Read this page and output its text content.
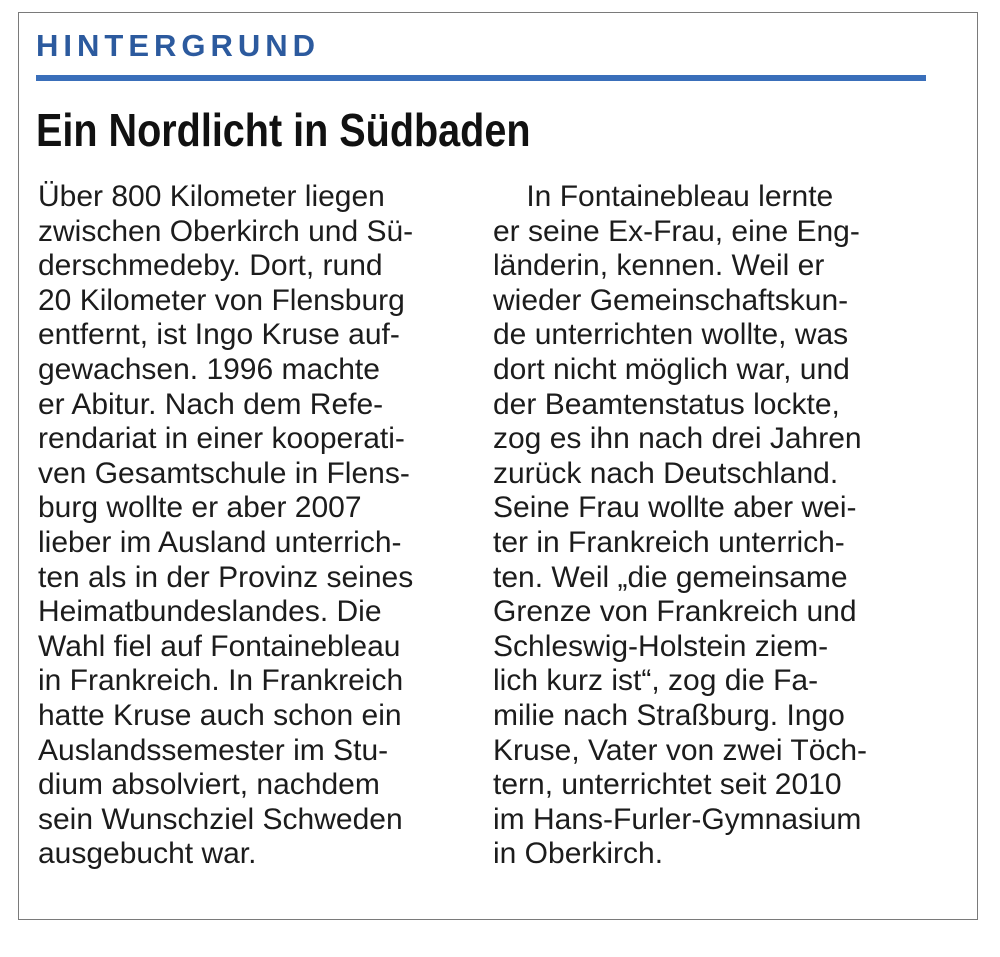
HINTERGRUND
Ein Nordlicht in Südbaden
Über 800 Kilometer liegen
zwischen Oberkirch und Sü-
derschmedeby. Dort, rund
20 Kilometer von Flensburg
entfernt, ist Ingo Kruse auf-
gewachsen. 1996 machte
er Abitur. Nach dem Refe-
rendariat in einer kooperati-
ven Gesamtschule in Flens-
burg wollte er aber 2007
lieber im Ausland unterrich-
ten als in der Provinz seines
Heimatbundeslandes. Die
Wahl fiel auf Fontainebleau
in Frankreich. In Frankreich
hatte Kruse auch schon ein
Auslandssemester im Stu-
dium absolviert, nachdem
sein Wunschziel Schweden
ausgebucht war.
In Fontainebleau lernte
er seine Ex-Frau, eine Eng-
länderin, kennen. Weil er
wieder Gemeinschaftskun-
de unterrichten wollte, was
dort nicht möglich war, und
der Beamtenstatus lockte,
zog es ihn nach drei Jahren
zurück nach Deutschland.
Seine Frau wollte aber wei-
ter in Frankreich unterrich-
ten. Weil „die gemeinsame
Grenze von Frankreich und
Schleswig-Holstein ziem-
lich kurz ist“, zog die Fa-
milie nach Straßburg. Ingo
Kruse, Vater von zwei Töch-
tern, unterrichtet seit 2010
im Hans-Furler-Gymnasium
in Oberkirch.
